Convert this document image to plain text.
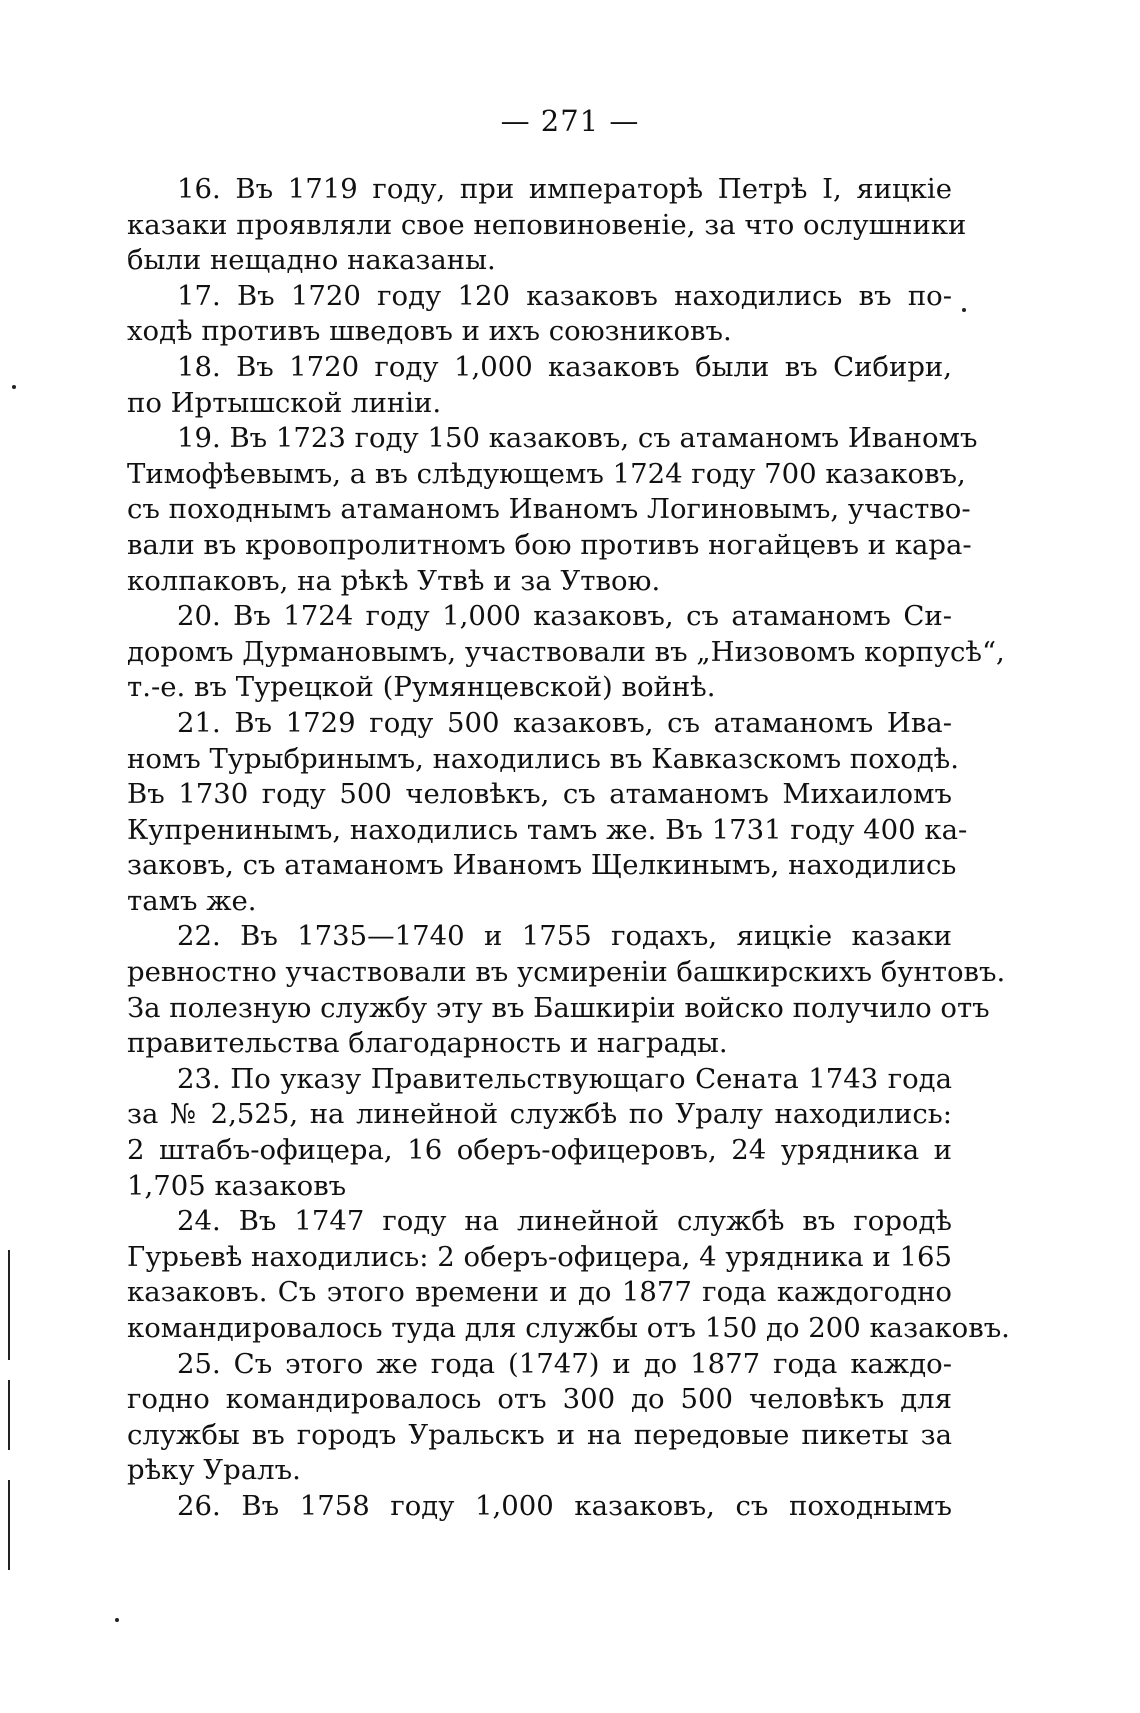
— 271 —
16. Въ 1719 году, при императорѣ Петрѣ I, яицкіе
казаки проявляли свое неповиновеніе, за что ослушники
были нещадно наказаны.
17. Въ 1720 году 120 казаковъ находились въ по-
ходѣ противъ шведовъ и ихъ союзниковъ.
18. Въ 1720 году 1,000 казаковъ были въ Сибири,
по Иртышской линіи.
19. Въ 1723 году 150 казаковъ, съ атаманомъ Иваномъ
Тимофѣевымъ, а въ слѣдующемъ 1724 году 700 казаковъ,
съ походнымъ атаманомъ Иваномъ Логиновымъ, участво-
вали въ кровопролитномъ бою противъ ногайцевъ и кара-
колпаковъ, на рѣкѣ Утвѣ и за Утвою.
20. Въ 1724 году 1,000 казаковъ, съ атаманомъ Си-
доромъ Дурмановымъ, участвовали въ „Низовомъ корпусѣ“,
т.-е. въ Турецкой (Румянцевской) войнѣ.
21. Въ 1729 году 500 казаковъ, съ атаманомъ Ива-
номъ Турыбринымъ, находились въ Кавказскомъ походѣ.
Въ 1730 году 500 человѣкъ, съ атаманомъ Михаиломъ
Купренинымъ, находились тамъ же. Въ 1731 году 400 ка-
заковъ, съ атаманомъ Иваномъ Щелкинымъ, находились
тамъ же.
22. Въ 1735—1740 и 1755 годахъ, яицкіе казаки
ревностно участвовали въ усмиреніи башкирскихъ бунтовъ.
За полезную службу эту въ Башкиріи войско получило отъ
правительства благодарность и награды.
23. По указу Правительствующаго Сената 1743 года
за № 2,525, на линейной службѣ по Уралу находились:
2 штабъ-офицера, 16 оберъ-офицеровъ, 24 урядника и
1,705 казаковъ
24. Въ 1747 году на линейной службѣ въ городѣ
Гурьевѣ находились: 2 оберъ-офицера, 4 урядника и 165
казаковъ. Съ этого времени и до 1877 года каждогодно
командировалось туда для службы отъ 150 до 200 казаковъ.
25. Съ этого же года (1747) и до 1877 года каждо-
годно командировалось отъ 300 до 500 человѣкъ для
службы въ городъ Уральскъ и на передовые пикеты за
рѣку Уралъ.
26. Въ 1758 году 1,000 казаковъ, съ походнымъ
